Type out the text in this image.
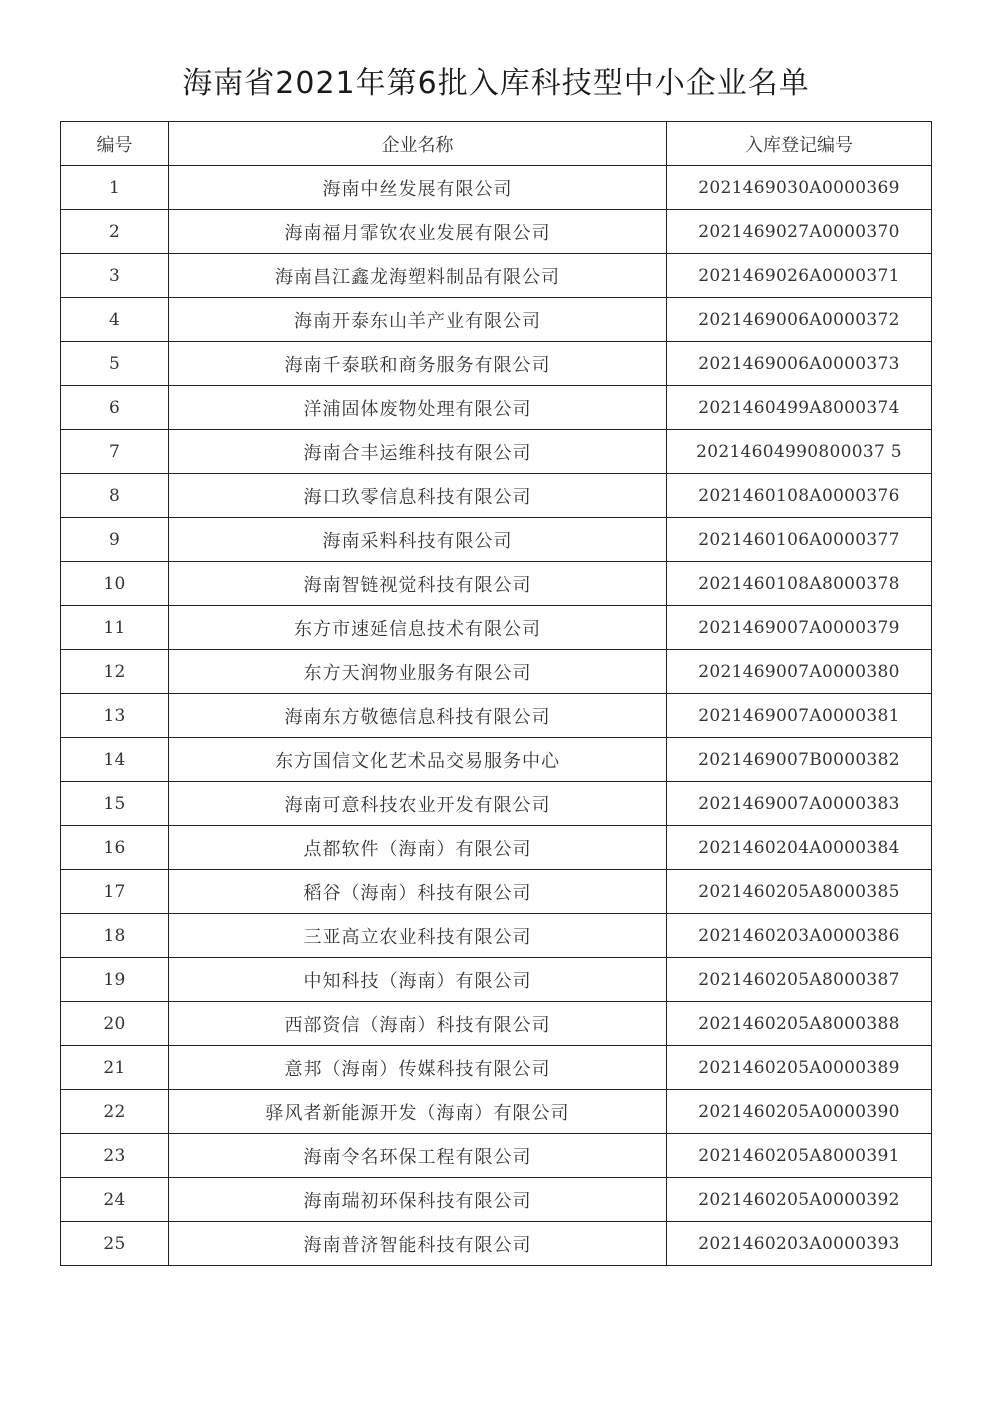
海南省2021年第6批入库科技型中小企业名单
编号	企业名称	入库登记编号
1	海南中丝发展有限公司	2021469030A0000369
2	海南福月霏钦农业发展有限公司	2021469027A0000370
3	海南昌江鑫龙海塑料制品有限公司	2021469026A0000371
4	海南开泰东山羊产业有限公司	2021469006A0000372
5	海南千泰联和商务服务有限公司	2021469006A0000373
6	洋浦固体废物处理有限公司	2021460499A8000374
7	海南合丰运维科技有限公司	20214604990800037 5
8	海口玖零信息科技有限公司	2021460108A0000376
9	海南采料科技有限公司	2021460106A0000377
10	海南智链视觉科技有限公司	2021460108A8000378
11	东方市速延信息技术有限公司	2021469007A0000379
12	东方天润物业服务有限公司	2021469007A0000380
13	海南东方敬德信息科技有限公司	2021469007A0000381
14	东方国信文化艺术品交易服务中心	2021469007B0000382
15	海南可意科技农业开发有限公司	2021469007A0000383
16	点都软件（海南）有限公司	2021460204A0000384
17	稻谷（海南）科技有限公司	2021460205A8000385
18	三亚高立农业科技有限公司	2021460203A0000386
19	中知科技（海南）有限公司	2021460205A8000387
20	西部资信（海南）科技有限公司	2021460205A8000388
21	意邦（海南）传媒科技有限公司	2021460205A0000389
22	驿风者新能源开发（海南）有限公司	2021460205A0000390
23	海南令名环保工程有限公司	2021460205A8000391
24	海南瑞初环保科技有限公司	2021460205A0000392
25	海南普济智能科技有限公司	2021460203A0000393
